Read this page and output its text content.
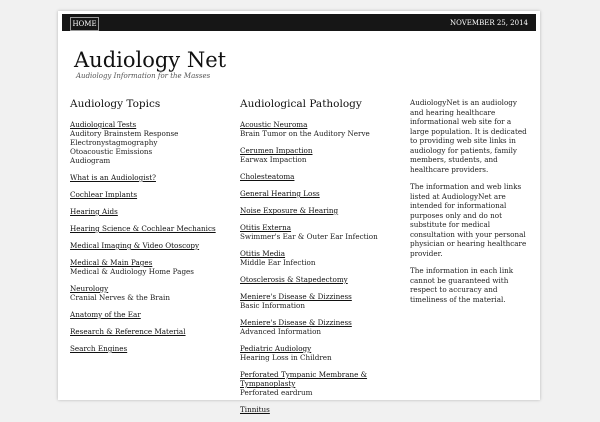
HOME	NOVEMBER 25, 2014
Audiology Net
Audiology Information for the Masses
Audiology Topics
Audiological Tests
Auditory Brainstem Response
Electronystagmography
Otoacoustic Emissions
Audiogram
What is an Audiologist?
Cochlear Implants
Hearing Aids
Hearing Science & Cochlear Mechanics
Medical Imaging & Video Otoscopy
Medical & Main Pages
Medical & Audiology Home Pages
Neurology
Cranial Nerves & the Brain
Anatomy of the Ear
Research & Reference Material
Search Engines
Audiological Pathology
Acoustic Neuroma
Brain Tumor on the Auditory Nerve
Cerumen Impaction
Earwax Impaction
Cholesteatoma
General Hearing Loss
Noise Exposure & Hearing
Otitis Externa
Swimmer's Ear & Outer Ear Infection
Otitis Media
Middle Ear Infection
Otosclerosis & Stapedectomy
Meniere's Disease & Dizziness
Basic Information
Meniere's Disease & Dizziness
Advanced Information
Pediatric Audiology
Hearing Loss in Children
Perforated Tympanic Membrane & Tympanoplasty
Perforated eardrum
Tinnitus

AudiologyNet is an audiology and hearing healthcare informational web site for a large population. It is dedicated to providing web site links in audiology for patients, family members, students, and healthcare providers.

The information and web links listed at AudiologyNet are intended for informational purposes only and do not substitute for medical consultation with your personal physician or hearing healthcare provider.

The information in each link cannot be guaranteed with respect to accuracy and timeliness of the material.
